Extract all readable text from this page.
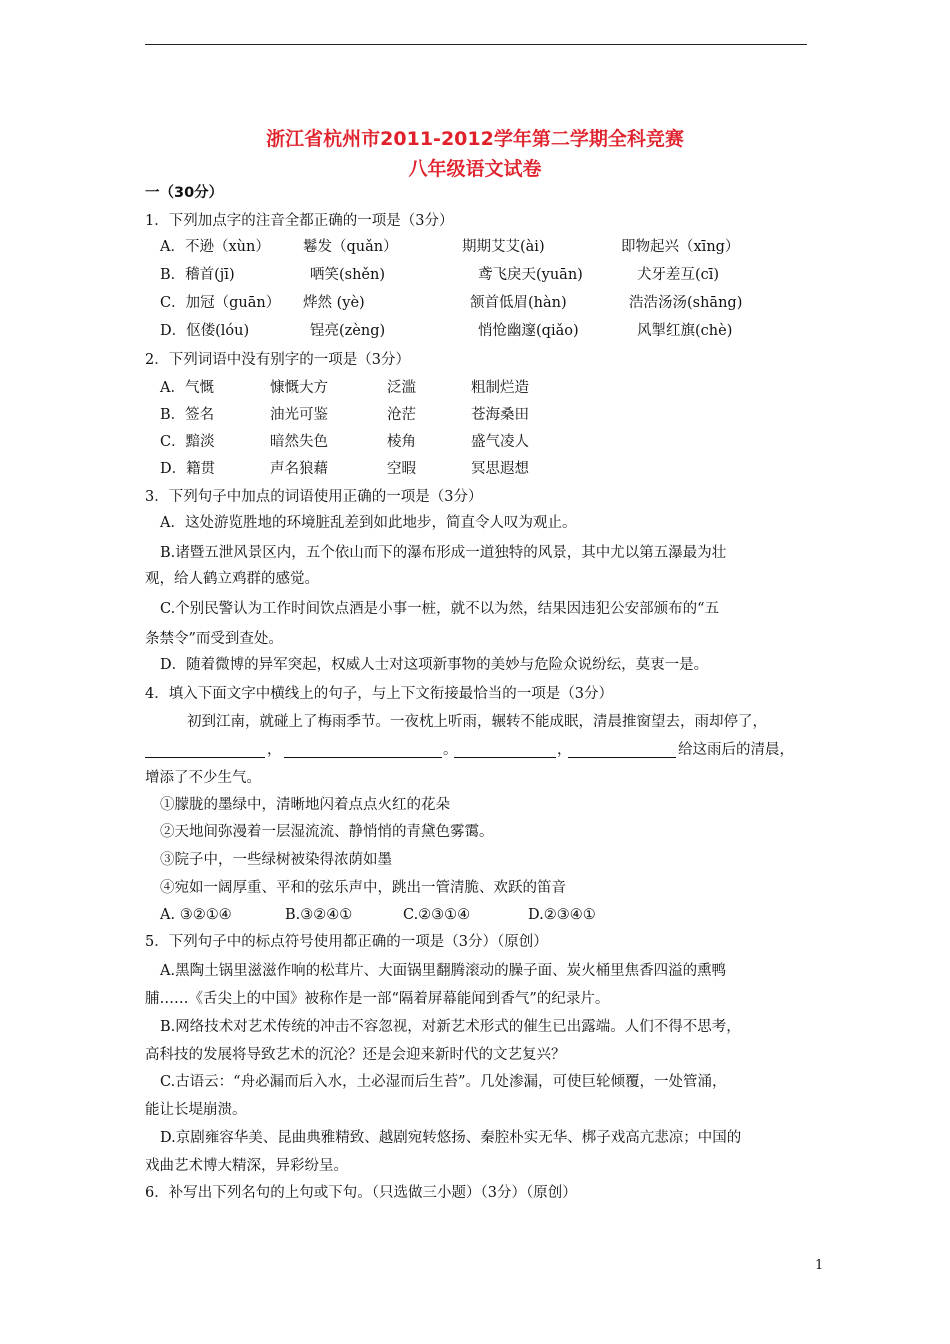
浙江省杭州市2011-2012学年第二学期全科竞赛
八年级语文试卷
一（30分）
1．下列加点字的注音全都正确的一项是（3分）
A．不逊（xùn） 鬈发（quǎn）	期期艾艾(ài)	即物起兴（xīng）
B．稽首(jī)	哂笑(shěn)	鸢飞戾天(yuān)	犬牙差互(cī)
C．加冠（guān） 烨然 (yè)	颔首低眉(hàn)	浩浩汤汤(shāng)
D．伛偻(lóu)	锃亮(zèng)	悄怆幽邃(qiǎo)	风掣红旗(chè)
2．下列词语中没有别字的一项是（3分）
A．气慨	慷慨大方	泛滥	粗制烂造
B．签名	油光可鉴	沧茫	苍海桑田
C．黯淡	暗然失色	棱角	盛气凌人
D．籍贯	声名狼藉	空暇	冥思遐想
3．下列句子中加点的词语使用正确的一项是（3分）
A．这处游览胜地的环境脏乱差到如此地步，简直令人叹为观止。
B.诸暨五泄风景区内，五个依山而下的瀑布形成一道独特的风景，其中尤以第五瀑最为壮
观，给人鹤立鸡群的感觉。
C.个别民警认为工作时间饮点酒是小事一桩，就不以为然，结果因违犯公安部颁布的“五
条禁令”而受到查处。
D．随着微博的异军突起，权威人士对这项新事物的美妙与危险众说纷纭，莫衷一是。
4．填入下面文字中横线上的句子，与上下文衔接最恰当的一项是（3分）
初到江南，就碰上了梅雨季节。一夜枕上听雨，辗转不能成眠，清晨推窗望去，雨却停了，
，	。	，	给这雨后的清晨，
增添了不少生气。
①朦胧的墨绿中，清晰地闪着点点火红的花朵
②天地间弥漫着一层湿流流、静悄悄的青黛色雾霭。
③院子中，一些绿树被染得浓荫如墨
④宛如一阔厚重、平和的弦乐声中，跳出一管清脆、欢跃的笛音
A. ③②①④	B.③②④①	C.②③①④	D.②③④①
5．下列句子中的标点符号使用都正确的一项是（3分）（原创）
A.黑陶土锅里滋滋作响的松茸片、大面锅里翻腾滚动的臊子面、炭火桶里焦香四溢的熏鸭
脯……《舌尖上的中国》被称作是一部“隔着屏幕能闻到香气”的纪录片。
B.网络技术对艺术传统的冲击不容忽视，对新艺术形式的催生已出露端。人们不得不思考，
高科技的发展将导致艺术的沉沦？还是会迎来新时代的文艺复兴？
C.古语云：“舟必漏而后入水，土必湿而后生苔”。几处渗漏，可使巨轮倾覆，一处管涌，
能让长堤崩溃。
D.京剧雍容华美、昆曲典雅精致、越剧宛转悠扬、秦腔朴实无华、梆子戏高亢悲凉；中国的
戏曲艺术博大精深，异彩纷呈。
6．补写出下列名句的上句或下句。（只选做三小题）（3分）（原创）
1
